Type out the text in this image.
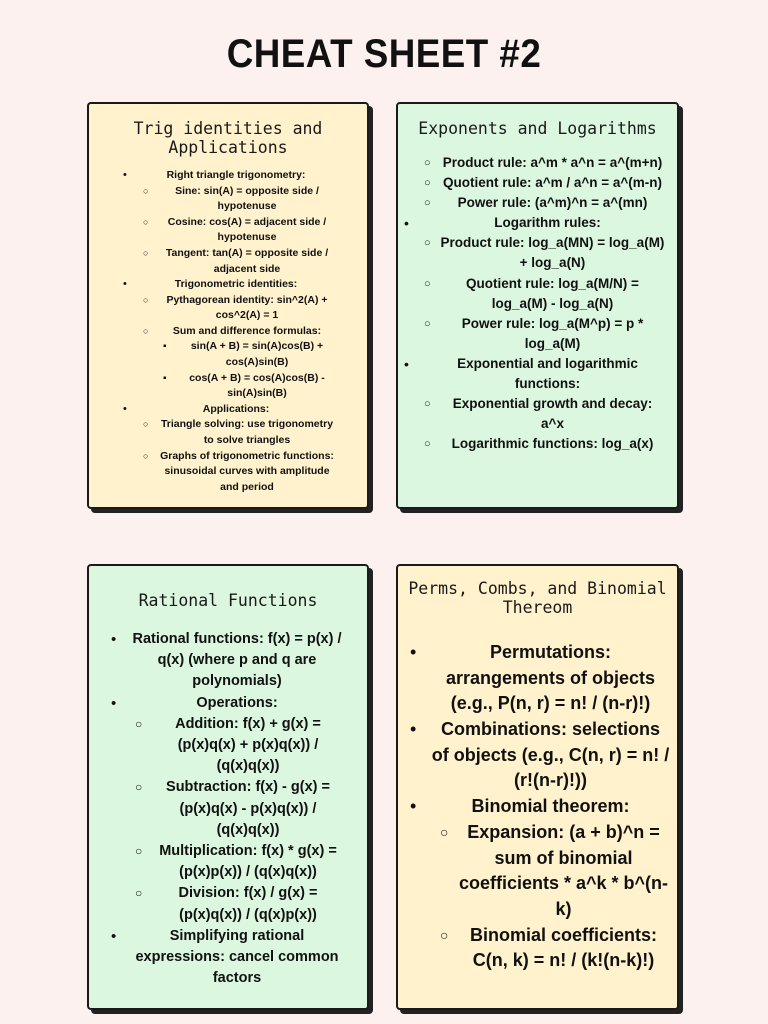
CHEAT SHEET #2
Trig identities and Applications
• Right triangle trigonometry:
○ Sine: sin(A) = opposite side / hypotenuse
○ Cosine: cos(A) = adjacent side / hypotenuse
○ Tangent: tan(A) = opposite side / adjacent side
• Trigonometric identities:
○ Pythagorean identity: sin^2(A) + cos^2(A) = 1
○ Sum and difference formulas:
▪ sin(A + B) = sin(A)cos(B) + cos(A)sin(B)
▪ cos(A + B) = cos(A)cos(B) - sin(A)sin(B)
• Applications:
○ Triangle solving: use trigonometry to solve triangles
○ Graphs of trigonometric functions: sinusoidal curves with amplitude and period
Exponents and Logarithms
○ Product rule: a^m * a^n = a^(m+n)
○ Quotient rule: a^m / a^n = a^(m-n)
○ Power rule: (a^m)^n = a^(mn)
• Logarithm rules:
○ Product rule: log_a(MN) = log_a(M) + log_a(N)
○ Quotient rule: log_a(M/N) = log_a(M) - log_a(N)
○ Power rule: log_a(M^p) = p * log_a(M)
• Exponential and logarithmic functions:
○ Exponential growth and decay: a^x
○ Logarithmic functions: log_a(x)
Rational Functions
• Rational functions: f(x) = p(x) / q(x) (where p and q are polynomials)
• Operations:
○ Addition: f(x) + g(x) = (p(x)q(x) + p(x)q(x)) / (q(x)q(x))
○ Subtraction: f(x) - g(x) = (p(x)q(x) - p(x)q(x)) / (q(x)q(x))
○ Multiplication: f(x) * g(x) = (p(x)p(x)) / (q(x)q(x))
○ Division: f(x) / g(x) = (p(x)q(x)) / (q(x)p(x))
• Simplifying rational expressions: cancel common factors
Perms, Combs, and Binomial Thereom
• Permutations: arrangements of objects (e.g., P(n, r) = n! / (n-r)!)
• Combinations: selections of objects (e.g., C(n, r) = n! / (r!(n-r)!))
• Binomial theorem:
○ Expansion: (a + b)^n = sum of binomial coefficients * a^k * b^(n-k)
○ Binomial coefficients: C(n, k) = n! / (k!(n-k)!)
